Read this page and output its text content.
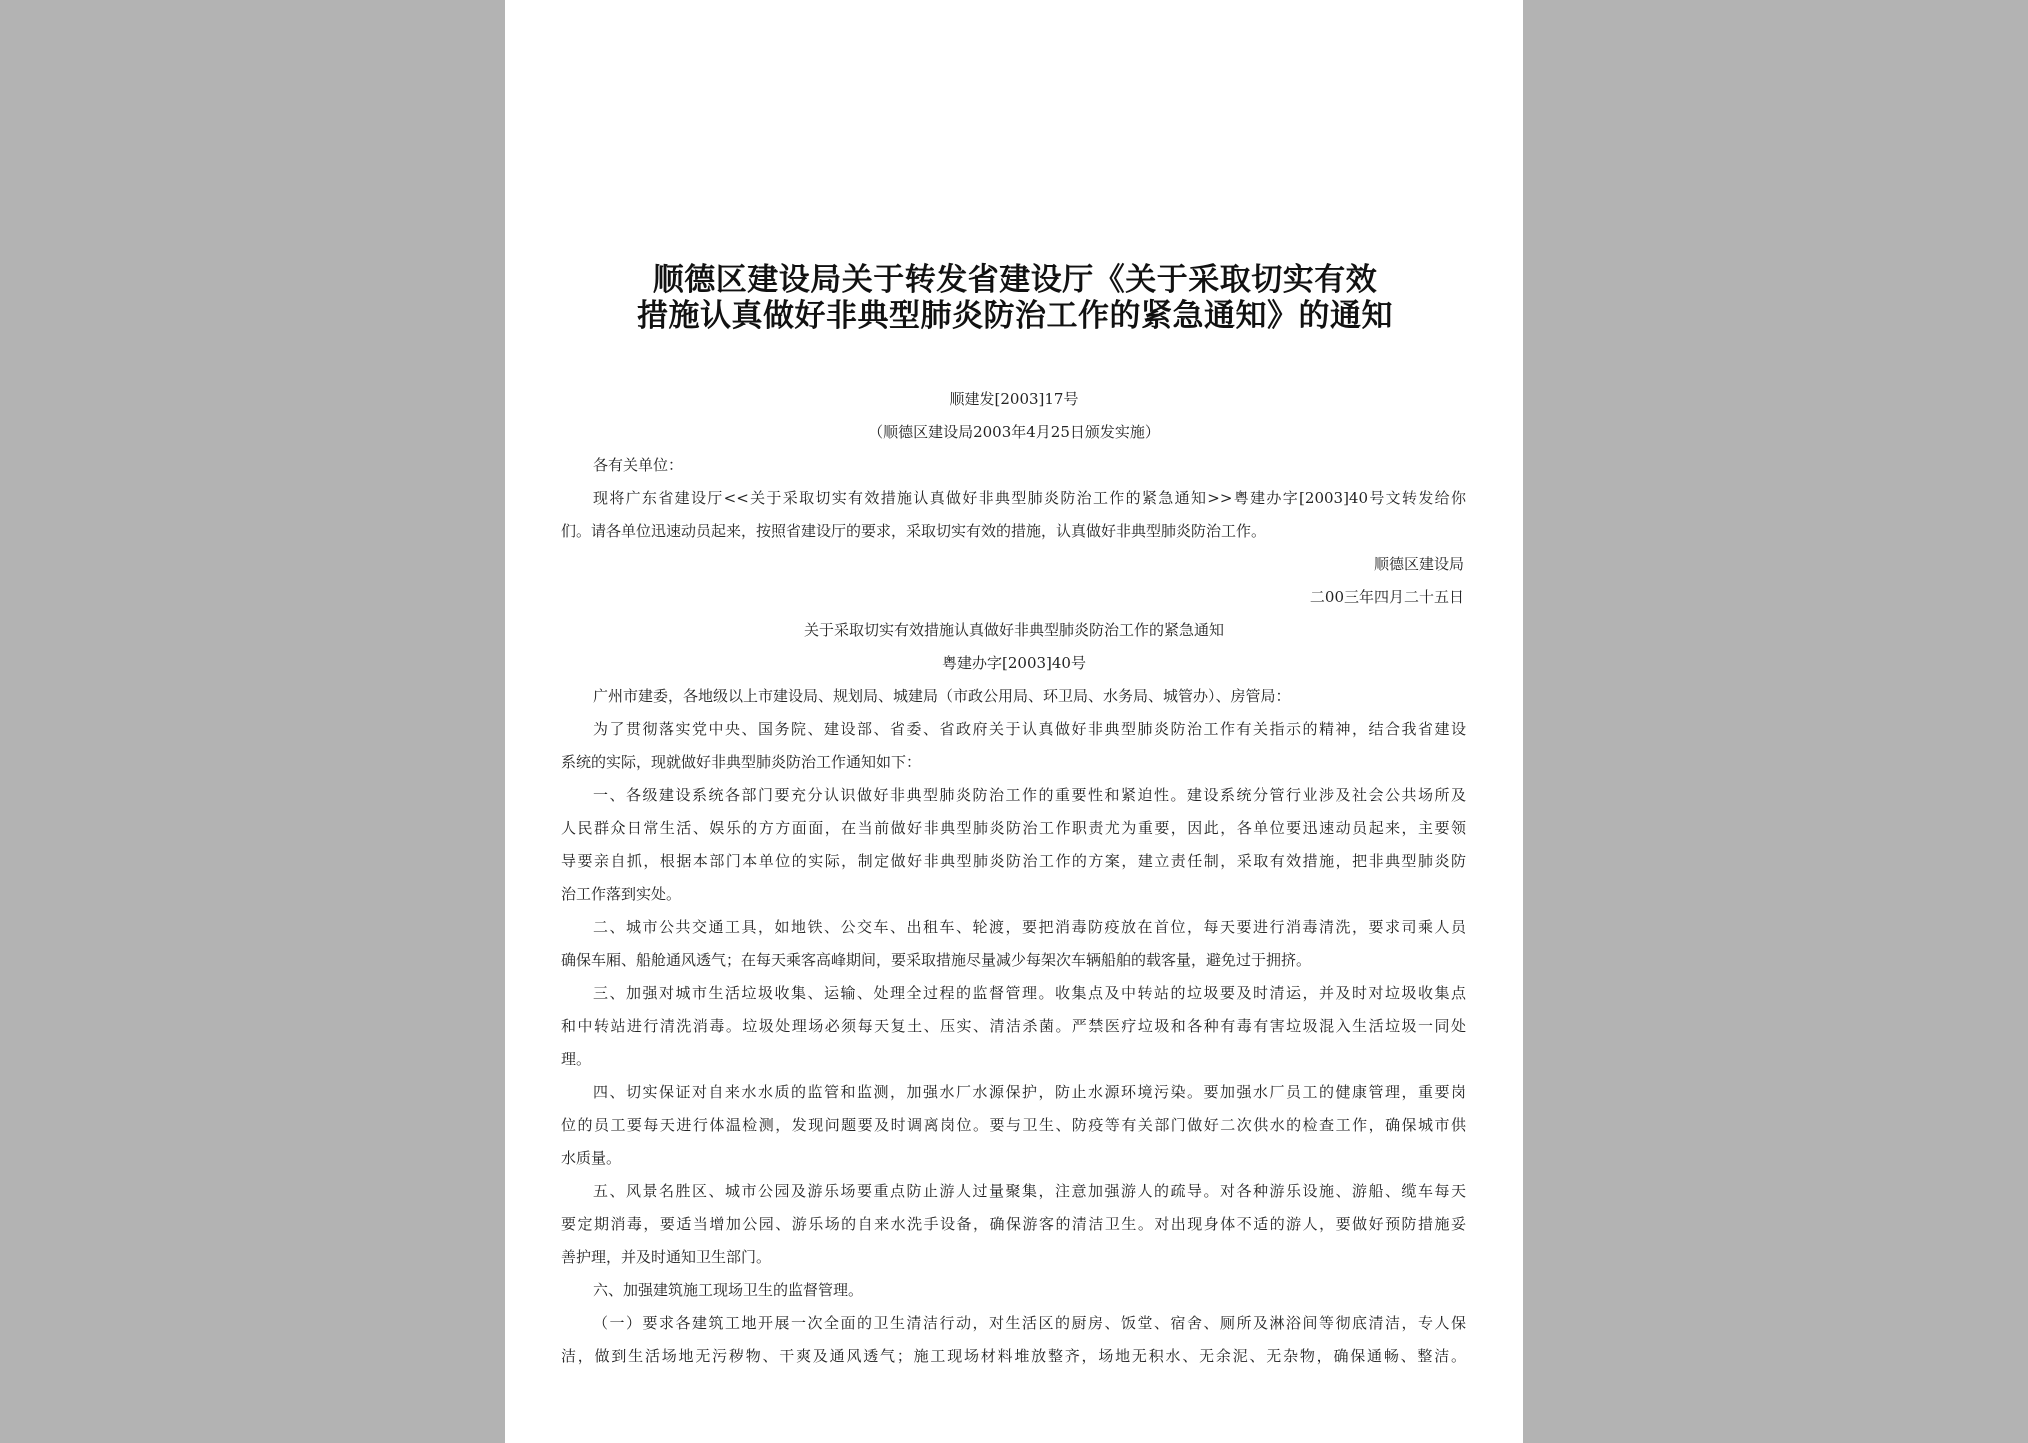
顺德区建设局关于转发省建设厅《关于采取切实有效
措施认真做好非典型肺炎防治工作的紧急通知》的通知
顺建发[2003]17号
（顺德区建设局2003年4月25日颁发实施）
各有关单位：
现将广东省建设厅<<关于采取切实有效措施认真做好非典型肺炎防治工作的紧急通知>>粤建办字[2003]40号文转发给你
们。请各单位迅速动员起来，按照省建设厅的要求，采取切实有效的措施，认真做好非典型肺炎防治工作。
顺德区建设局
二00三年四月二十五日
关于采取切实有效措施认真做好非典型肺炎防治工作的紧急通知
粤建办字[2003]40号
广州市建委，各地级以上市建设局、规划局、城建局（市政公用局、环卫局、水务局、城管办）、房管局：
为了贯彻落实党中央、国务院、建设部、省委、省政府关于认真做好非典型肺炎防治工作有关指示的精神，结合我省建设
系统的实际，现就做好非典型肺炎防治工作通知如下：
一、各级建设系统各部门要充分认识做好非典型肺炎防治工作的重要性和紧迫性。建设系统分管行业涉及社会公共场所及
人民群众日常生活、娱乐的方方面面，在当前做好非典型肺炎防治工作职责尤为重要，因此，各单位要迅速动员起来，主要领
导要亲自抓，根据本部门本单位的实际，制定做好非典型肺炎防治工作的方案，建立责任制，采取有效措施，把非典型肺炎防
治工作落到实处。
二、城市公共交通工具，如地铁、公交车、出租车、轮渡，要把消毒防疫放在首位，每天要进行消毒清洗，要求司乘人员
确保车厢、船舱通风透气；在每天乘客高峰期间，要采取措施尽量减少每架次车辆船舶的载客量，避免过于拥挤。
三、加强对城市生活垃圾收集、运输、处理全过程的监督管理。收集点及中转站的垃圾要及时清运，并及时对垃圾收集点
和中转站进行清洗消毒。垃圾处理场必须每天复土、压实、清洁杀菌。严禁医疗垃圾和各种有毒有害垃圾混入生活垃圾一同处
理。
四、切实保证对自来水水质的监管和监测，加强水厂水源保护，防止水源环境污染。要加强水厂员工的健康管理，重要岗
位的员工要每天进行体温检测，发现问题要及时调离岗位。要与卫生、防疫等有关部门做好二次供水的检查工作，确保城市供
水质量。
五、风景名胜区、城市公园及游乐场要重点防止游人过量聚集，注意加强游人的疏导。对各种游乐设施、游船、缆车每天
要定期消毒，要适当增加公园、游乐场的自来水洗手设备，确保游客的清洁卫生。对出现身体不适的游人，要做好预防措施妥
善护理，并及时通知卫生部门。
六、加强建筑施工现场卫生的监督管理。
（一）要求各建筑工地开展一次全面的卫生清洁行动，对生活区的厨房、饭堂、宿舍、厕所及淋浴间等彻底清洁，专人保
洁，做到生活场地无污秽物、干爽及通风透气；施工现场材料堆放整齐，场地无积水、无余泥、无杂物，确保通畅、整洁。
